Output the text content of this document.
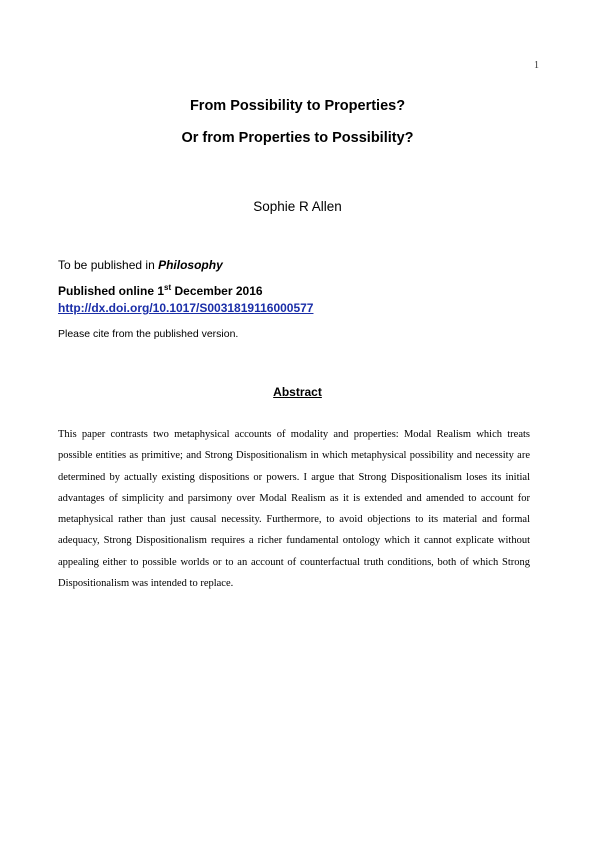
1
From Possibility to Properties?
Or from Properties to Possibility?
Sophie R Allen
To be published in Philosophy
Published online 1st December 2016
http://dx.doi.org/10.1017/S0031819116000577
Please cite from the published version.
Abstract

This paper contrasts two metaphysical accounts of modality and properties: Modal Realism which treats possible entities as primitive; and Strong Dispositionalism in which metaphysical possibility and necessity are determined by actually existing dispositions or powers. I argue that Strong Dispositionalism loses its initial advantages of simplicity and parsimony over Modal Realism as it is extended and amended to account for metaphysical rather than just causal necessity. Furthermore, to avoid objections to its material and formal adequacy, Strong Dispositionalism requires a richer fundamental ontology which it cannot explicate without appealing either to possible worlds or to an account of counterfactual truth conditions, both of which Strong Dispositionalism was intended to replace.
